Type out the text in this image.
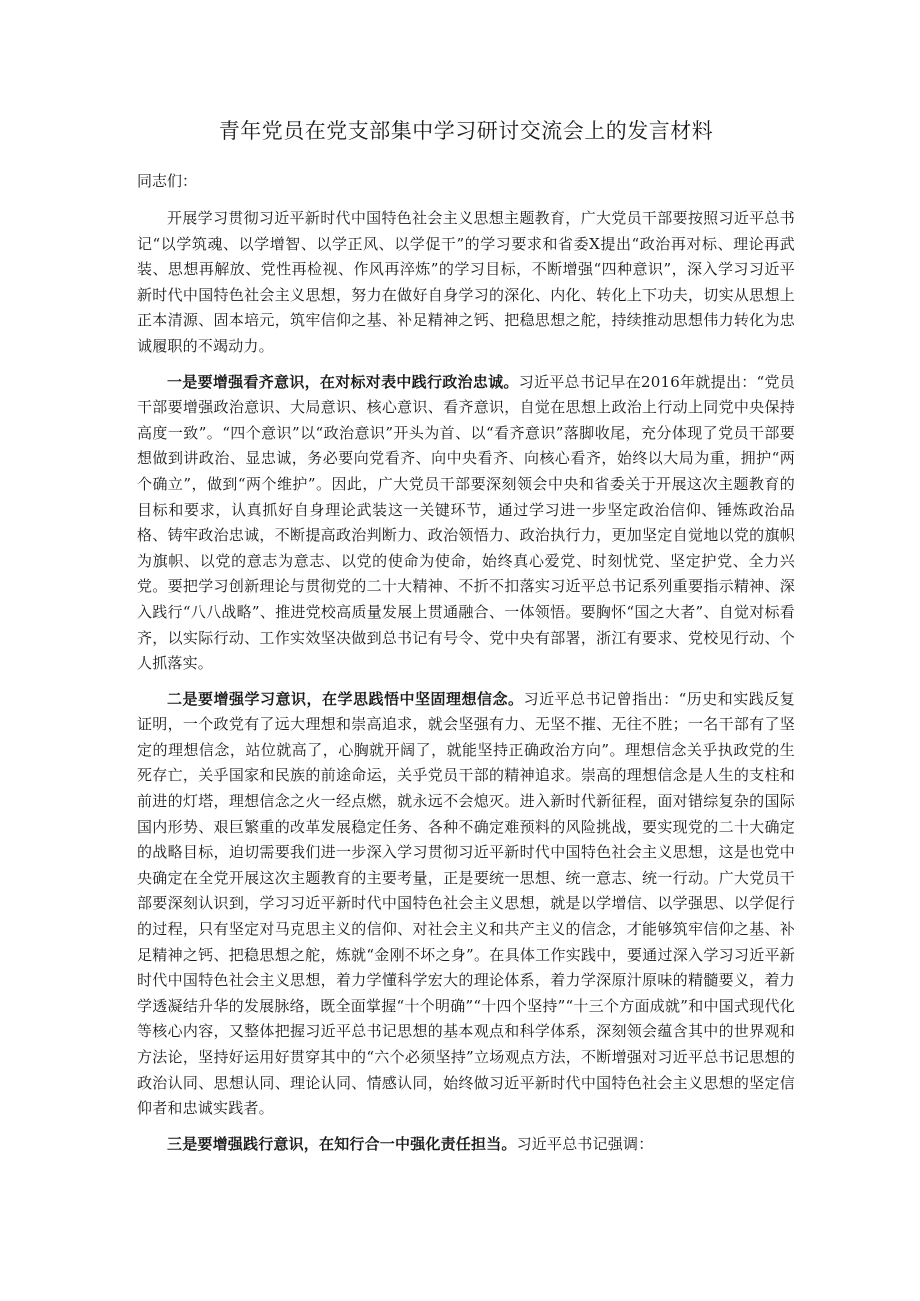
青年党员在党支部集中学习研讨交流会上的发言材料

同志们：

开展学习贯彻习近平新时代中国特色社会主义思想主题教育，广大党员干部要按照习近平总书记“以学筑魂、以学增智、以学正风、以学促干”的学习要求和省委X提出“政治再对标、理论再武装、思想再解放、党性再检视、作风再淬炼”的学习目标，不断增强“四种意识”，深入学习习近平新时代中国特色社会主义思想，努力在做好自身学习的深化、内化、转化上下功夫，切实从思想上正本清源、固本培元，筑牢信仰之基、补足精神之钙、把稳思想之舵，持续推动思想伟力转化为忠诚履职的不竭动力。

一是要增强看齐意识，在对标对表中践行政治忠诚。习近平总书记早在2016年就提出：“党员干部要增强政治意识、大局意识、核心意识、看齐意识，自觉在思想上政治上行动上同党中央保持高度一致”。“四个意识”以“政治意识”开头为首、以“看齐意识”落脚收尾，充分体现了党员干部要想做到讲政治、显忠诚，务必要向党看齐、向中央看齐、向核心看齐，始终以大局为重，拥护“两个确立”，做到“两个维护”。因此，广大党员干部要深刻领会中央和省委关于开展这次主题教育的目标和要求，认真抓好自身理论武装这一关键环节，通过学习进一步坚定政治信仰、锤炼政治品格、铸牢政治忠诚，不断提高政治判断力、政治领悟力、政治执行力，更加坚定自觉地以党的旗帜为旗帜、以党的意志为意志、以党的使命为使命，始终真心爱党、时刻忧党、坚定护党、全力兴党。要把学习创新理论与贯彻党的二十大精神、不折不扣落实习近平总书记系列重要指示精神、深入践行“八八战略”、推进党校高质量发展上贯通融合、一体领悟。要胸怀“国之大者”、自觉对标看齐，以实际行动、工作实效坚决做到总书记有号令、党中央有部署，浙江有要求、党校见行动、个人抓落实。

二是要增强学习意识，在学思践悟中坚固理想信念。习近平总书记曾指出：“历史和实践反复证明，一个政党有了远大理想和崇高追求，就会坚强有力、无坚不摧、无往不胜；一名干部有了坚定的理想信念，站位就高了，心胸就开阔了，就能坚持正确政治方向”。理想信念关乎执政党的生死存亡，关乎国家和民族的前途命运，关乎党员干部的精神追求。崇高的理想信念是人生的支柱和前进的灯塔，理想信念之火一经点燃，就永远不会熄灭。进入新时代新征程，面对错综复杂的国际国内形势、艰巨繁重的改革发展稳定任务、各种不确定难预料的风险挑战，要实现党的二十大确定的战略目标，迫切需要我们进一步深入学习贯彻习近平新时代中国特色社会主义思想，这是也党中央确定在全党开展这次主题教育的主要考量，正是要统一思想、统一意志、统一行动。广大党员干部要深刻认识到，学习习近平新时代中国特色社会主义思想，就是以学增信、以学强思、以学促行的过程，只有坚定对马克思主义的信仰、对社会主义和共产主义的信念，才能够筑牢信仰之基、补足精神之钙、把稳思想之舵，炼就“金刚不坏之身”。在具体工作实践中，要通过深入学习习近平新时代中国特色社会主义思想，着力学懂科学宏大的理论体系，着力学深原汁原味的精髓要义，着力学透凝结升华的发展脉络，既全面掌握“十个明确”“十四个坚持”“十三个方面成就”和中国式现代化等核心内容，又整体把握习近平总书记思想的基本观点和科学体系，深刻领会蕴含其中的世界观和方法论，坚持好运用好贯穿其中的“六个必须坚持”立场观点方法，不断增强对习近平总书记思想的政治认同、思想认同、理论认同、情感认同，始终做习近平新时代中国特色社会主义思想的坚定信仰者和忠诚实践者。

三是要增强践行意识，在知行合一中强化责任担当。习近平总书记强调：
